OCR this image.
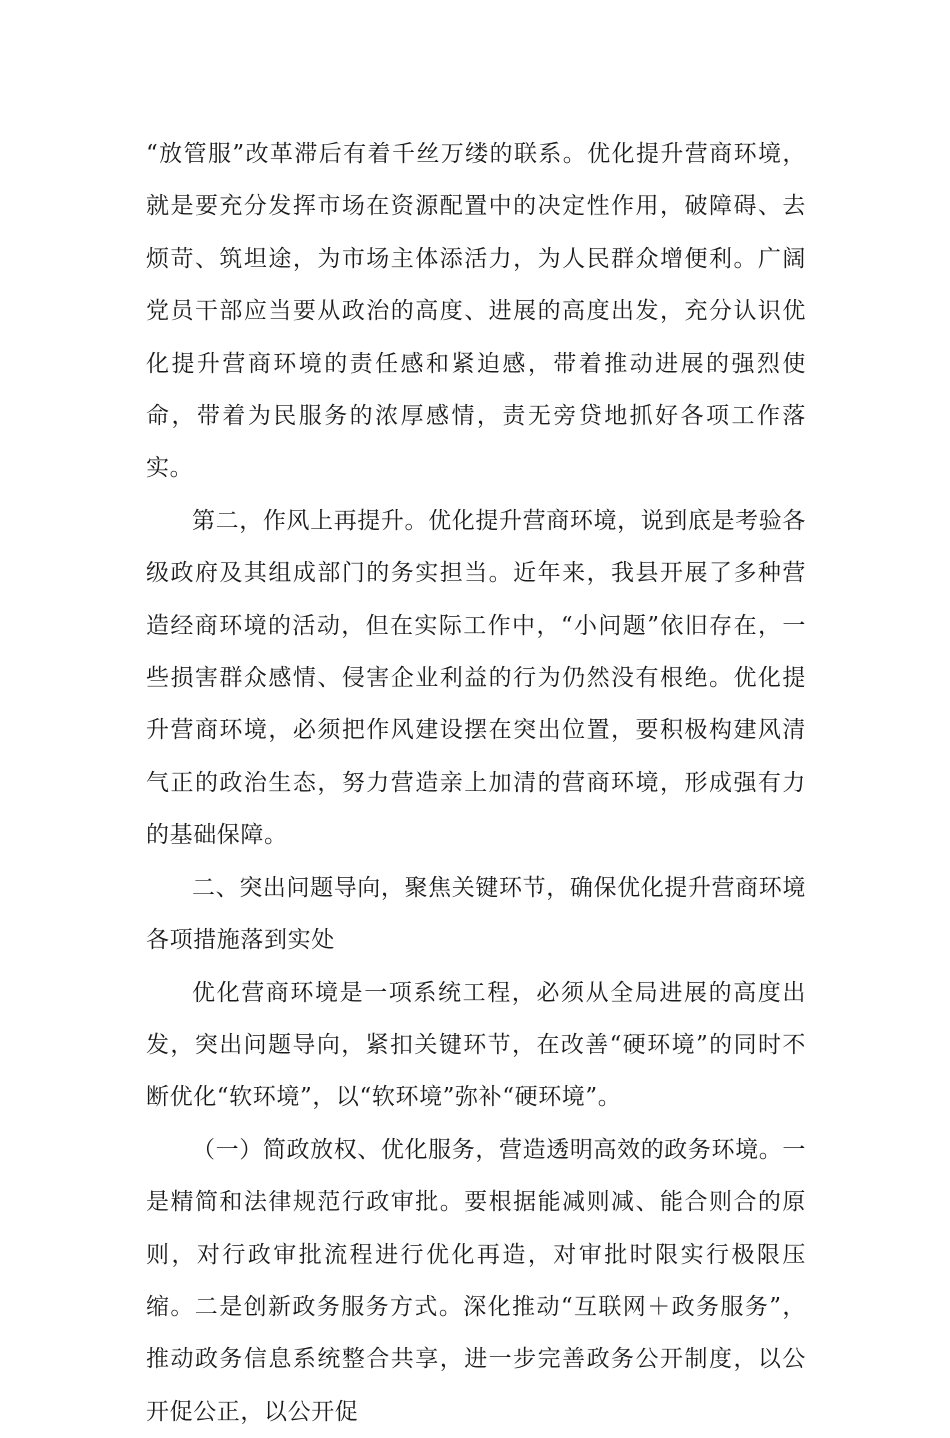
“放管服”改革滞后有着千丝万缕的联系。优化提升营商环境，就是要充分发挥市场在资源配置中的决定性作用，破障碍、去烦苛、筑坦途，为市场主体添活力，为人民群众增便利。广阔党员干部应当要从政治的高度、进展的高度出发，充分认识优化提升营商环境的责任感和紧迫感，带着推动进展的强烈使命，带着为民服务的浓厚感情，责无旁贷地抓好各项工作落实。

第二，作风上再提升。优化提升营商环境，说到底是考验各级政府及其组成部门的务实担当。近年来，我县开展了多种营造经商环境的活动，但在实际工作中，“小问题”依旧存在，一些损害群众感情、侵害企业利益的行为仍然没有根绝。优化提升营商环境，必须把作风建设摆在突出位置，要积极构建风清气正的政治生态，努力营造亲上加清的营商环境，形成强有力的基础保障。

二、突出问题导向，聚焦关键环节，确保优化提升营商环境各项措施落到实处

优化营商环境是一项系统工程，必须从全局进展的高度出发，突出问题导向，紧扣关键环节，在改善“硬环境”的同时不断优化“软环境”，以“软环境”弥补“硬环境”。

（一）简政放权、优化服务，营造透明高效的政务环境。一是精简和法律规范行政审批。要根据能减则减、能合则合的原则，对行政审批流程进行优化再造，对审批时限实行极限压缩。二是创新政务服务方式。深化推动“互联网＋政务服务”，推动政务信息系统整合共享，进一步完善政务公开制度，以公开促公正，以公开促
